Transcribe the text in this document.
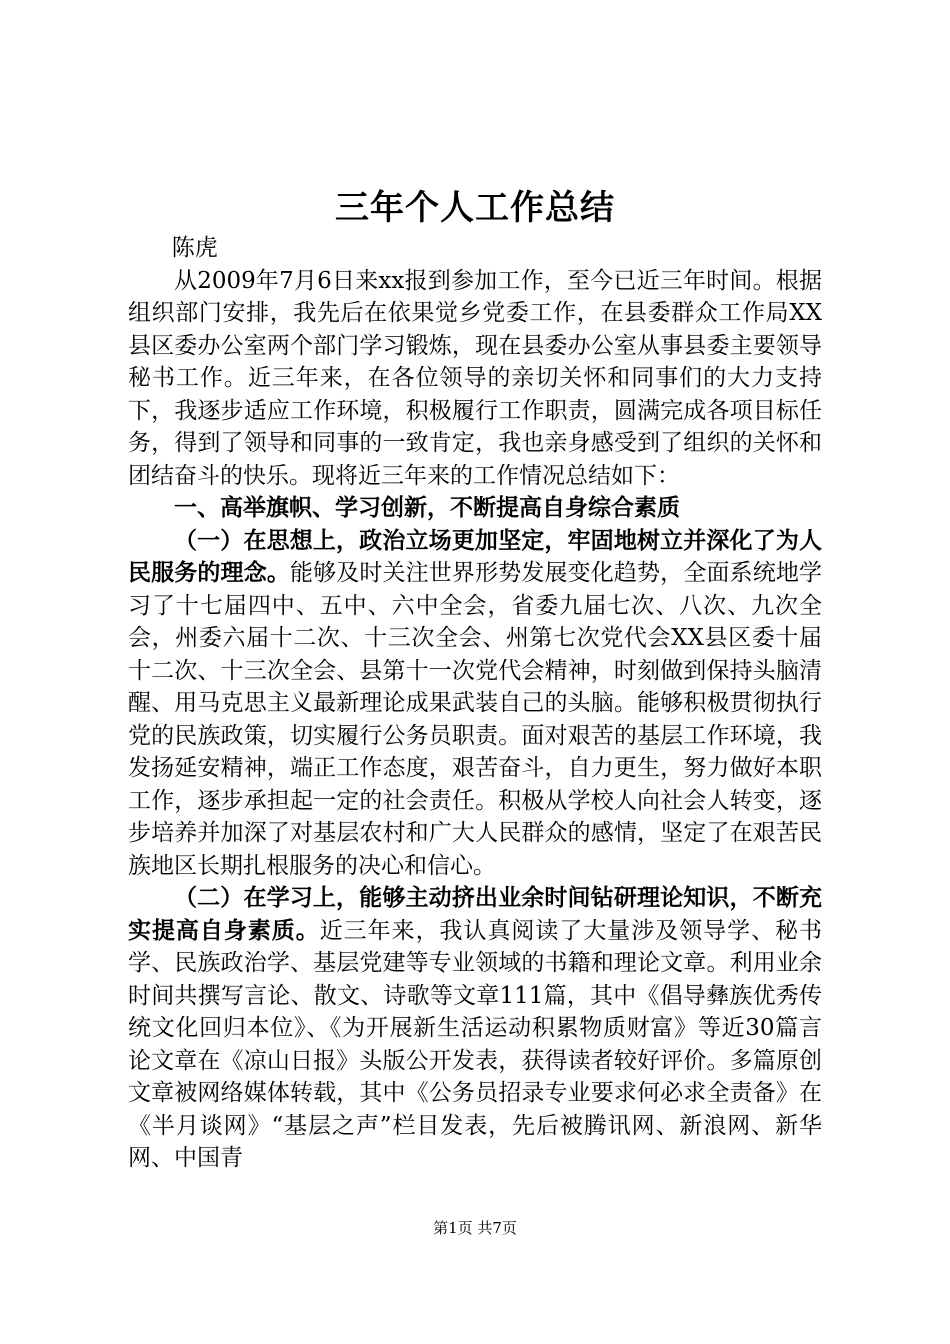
三年个人工作总结

陈虎

从2009年7月6日来xx报到参加工作，至今已近三年时间。根据组织部门安排，我先后在依果觉乡党委工作，在县委群众工作局XX县区委办公室两个部门学习锻炼，现在县委办公室从事县委主要领导秘书工作。近三年来，在各位领导的亲切关怀和同事们的大力支持下，我逐步适应工作环境，积极履行工作职责，圆满完成各项目标任务，得到了领导和同事的一致肯定，我也亲身感受到了组织的关怀和团结奋斗的快乐。现将近三年来的工作情况总结如下：

一、高举旗帜、学习创新，不断提高自身综合素质

（一）在思想上，政治立场更加坚定，牢固地树立并深化了为人民服务的理念。能够及时关注世界形势发展变化趋势，全面系统地学习了十七届四中、五中、六中全会，省委九届七次、八次、九次全会，州委六届十二次、十三次全会、州第七次党代会XX县区委十届十二次、十三次全会、县第十一次党代会精神，时刻做到保持头脑清醒、用马克思主义最新理论成果武装自己的头脑。能够积极贯彻执行党的民族政策，切实履行公务员职责。面对艰苦的基层工作环境，我发扬延安精神，端正工作态度，艰苦奋斗，自力更生，努力做好本职工作，逐步承担起一定的社会责任。积极从学校人向社会人转变，逐步培养并加深了对基层农村和广大人民群众的感情，坚定了在艰苦民族地区长期扎根服务的决心和信心。

（二）在学习上，能够主动挤出业余时间钻研理论知识，不断充实提高自身素质。近三年来，我认真阅读了大量涉及领导学、秘书学、民族政治学、基层党建等专业领域的书籍和理论文章。利用业余时间共撰写言论、散文、诗歌等文章111篇，其中《倡导彝族优秀传统文化回归本位》、《为开展新生活运动积累物质财富》等近30篇言论文章在《凉山日报》头版公开发表，获得读者较好评价。多篇原创文章被网络媒体转载，其中《公务员招录专业要求何必求全责备》在《半月谈网》“基层之声”栏目发表，先后被腾讯网、新浪网、新华网、中国青

第1页 共7页
